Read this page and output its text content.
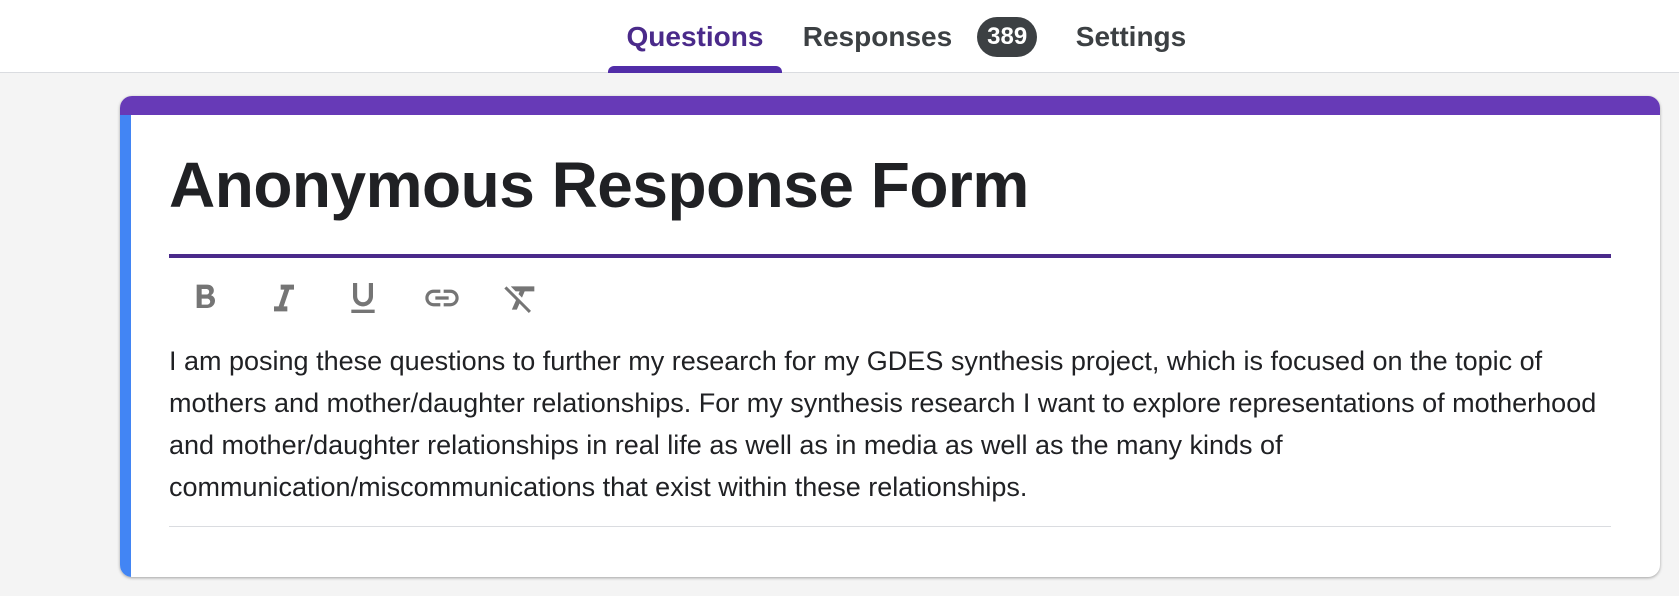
Questions Responses	389	Settings
Anonymous Response Form
I am posing these questions to further my research for my GDES synthesis project, which is focused on the topic of mothers and mother/daughter relationships. For my synthesis research I want to explore representations of motherhood and mother/daughter relationships in real life as well as in media as well as the many kinds of communication/miscommunications that exist within these relationships.
